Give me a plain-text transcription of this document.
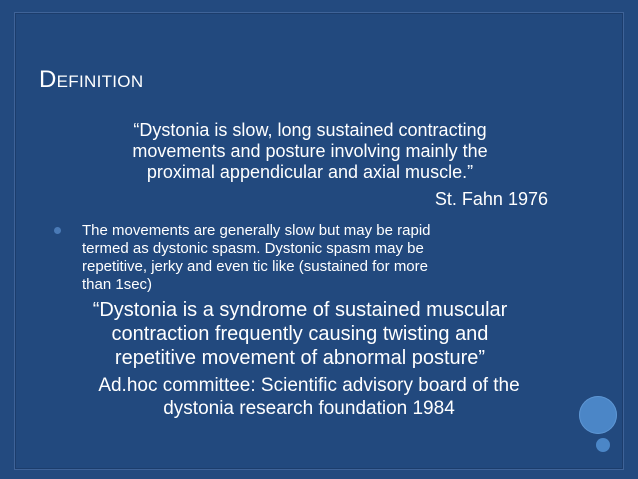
DEFINITION
“Dystonia is slow, long sustained contracting
movements and posture involving mainly the
proximal appendicular and axial muscle.”
St. Fahn 1976
The movements are generally slow but may be rapid
termed as dystonic spasm. Dystonic spasm may be
repetitive, jerky and even tic like (sustained for more
than 1sec)
“Dystonia is a syndrome of sustained muscular
contraction frequently causing twisting and
repetitive movement of abnormal posture”
Ad.hoc committee: Scientific advisory board of the
dystonia research foundation 1984
